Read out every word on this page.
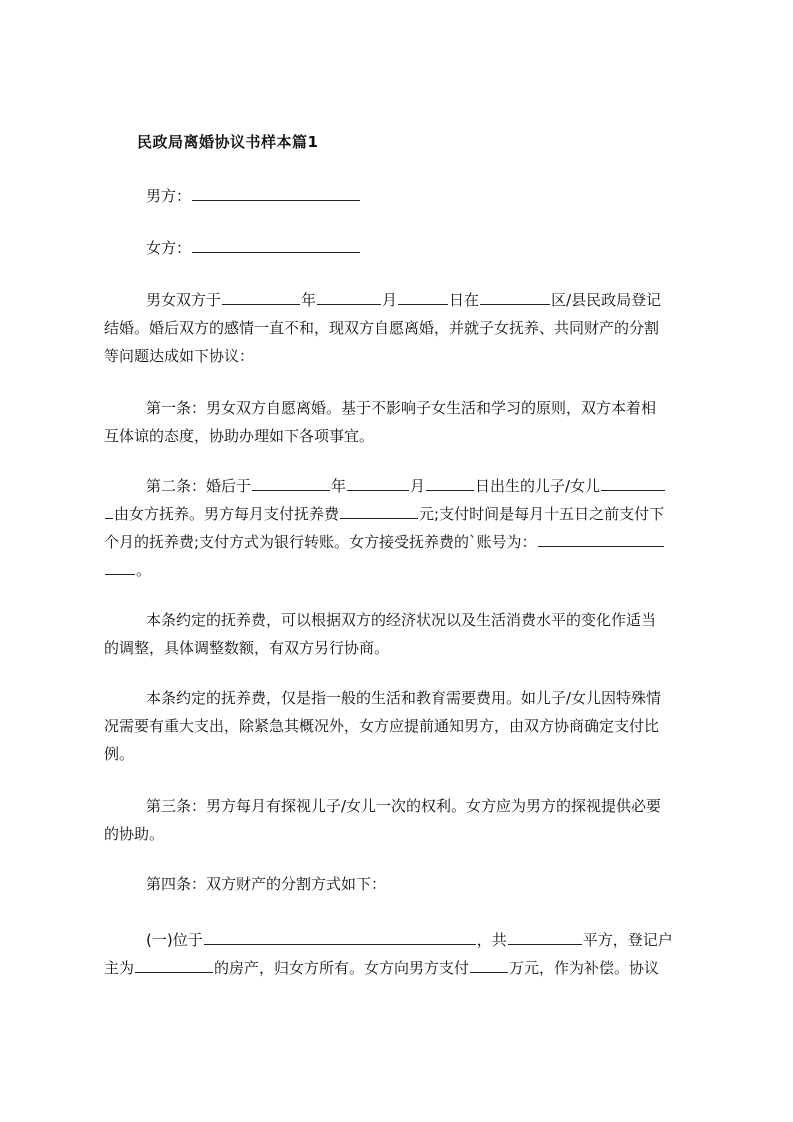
民政局离婚协议书样本篇1
男方：
女方：
男女双方于	年	月	日在	区/县民政局登记
结婚。婚后双方的感情一直不和，现双方自愿离婚，并就子女抚养、共同财产的分割
等问题达成如下协议：
第一条：男女双方自愿离婚。基于不影响子女生活和学习的原则，双方本着相
互体谅的态度，协助办理如下各项事宜。
第二条：婚后于	年	月	日出生的儿子/女儿
由女方抚养。男方每月支付抚养费	元;支付时间是每月十五日之前支付下
个月的抚养费;支付方式为银行转账。女方接受抚养费的`账号为：
。
本条约定的抚养费，可以根据双方的经济状况以及生活消费水平的变化作适当
的调整，具体调整数额，有双方另行协商。
本条约定的抚养费，仅是指一般的生活和教育需要费用。如儿子/女儿因特殊情
况需要有重大支出，除紧急其概况外，女方应提前通知男方，由双方协商确定支付比
例。
第三条：男方每月有探视儿子/女儿一次的权利。女方应为男方的探视提供必要
的协助。
第四条：双方财产的分割方式如下：
(一)位于	，共	平方，登记户
主为	的房产，归女方所有。女方向男方支付	万元，作为补偿。协议
